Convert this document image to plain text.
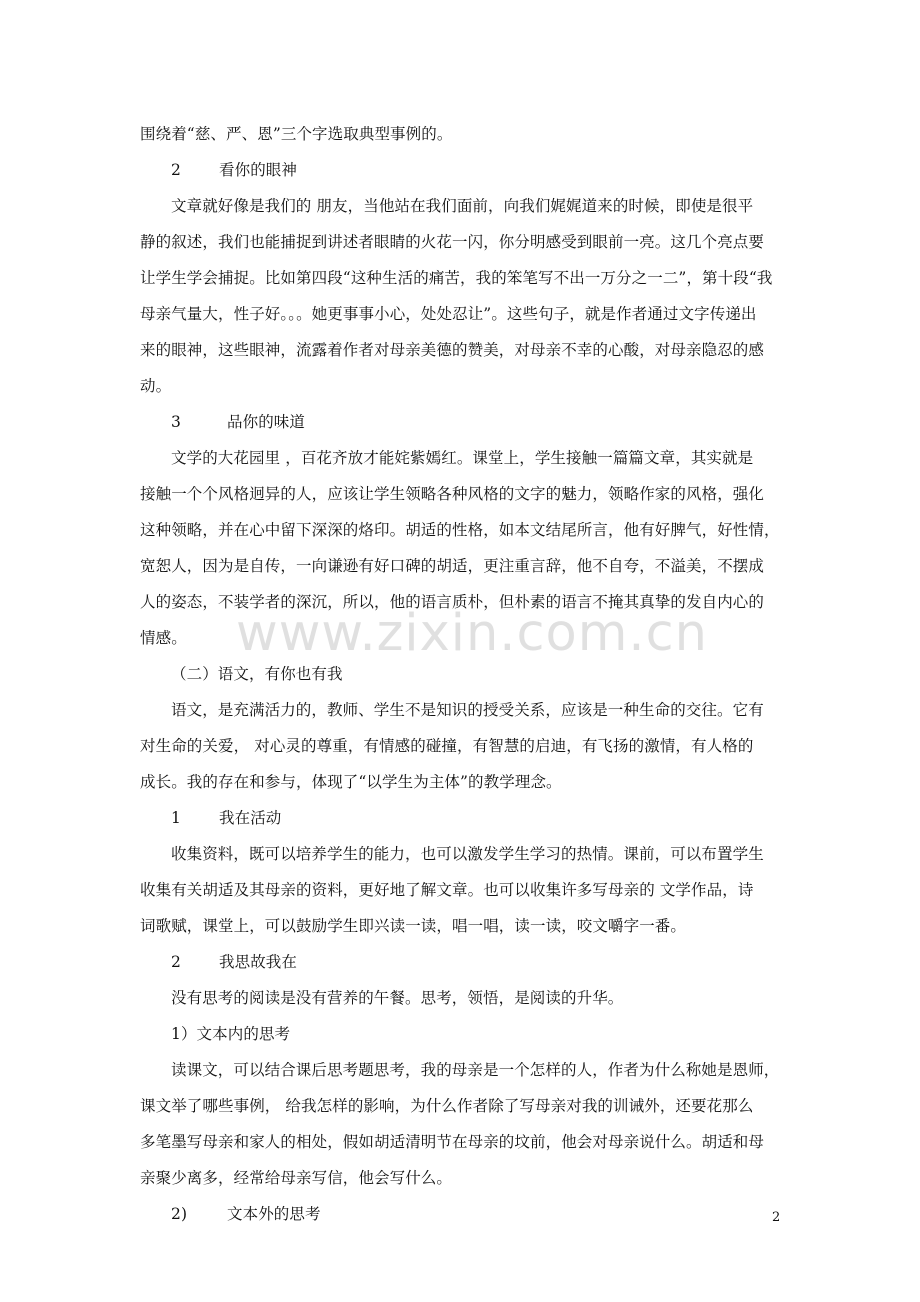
www.zixin.com.cn
围绕着“慈、严、恩”三个字选取典型事例的。
2 看你的眼神
文章就好像是我们的 朋友，当他站在我们面前，向我们娓娓道来的时候，即使是很平
静的叙述，我们也能捕捉到讲述者眼睛的火花一闪，你分明感受到眼前一亮。这几个亮点要
让学生学会捕捉。比如第四段“这种生活的痛苦，我的笨笔写不出一万分之一二”，第十段“我
母亲气量大，性子好。。。她更事事小心，处处忍让”。这些句子，就是作者通过文字传递出
来的眼神，这些眼神，流露着作者对母亲美德的赞美，对母亲不幸的心酸，对母亲隐忍的感
动。
3	品你的味道
文学的大花园里 ，百花齐放才能姹紫嫣红。课堂上，学生接触一篇篇文章，其实就是
接触一个个风格迥异的人，应该让学生领略各种风格的文字的魅力，领略作家的风格，强化
这种领略，并在心中留下深深的烙印。胡适的性格，如本文结尾所言，他有好脾气，好性情，
宽恕人，因为是自传，一向谦逊有好口碑的胡适，更注重言辞，他不自夸，不溢美，不摆成
人的姿态，不装学者的深沉，所以，他的语言质朴，但朴素的语言不掩其真挚的发自内心的
情感。
（二）语文，有你也有我
语文，是充满活力的，教师、学生不是知识的授受关系，应该是一种生命的交往。它有
对生命的关爱， 对心灵的尊重，有情感的碰撞，有智慧的启迪，有飞扬的激情，有人格的
成长。我的存在和参与，体现了“以学生为主体”的教学理念。
1 我在活动
收集资料，既可以培养学生的能力，也可以激发学生学习的热情。课前，可以布置学生
收集有关胡适及其母亲的资料，更好地了解文章。也可以收集许多写母亲的 文学作品，诗
词歌赋，课堂上，可以鼓励学生即兴读一读，唱一唱，读一读，咬文嚼字一番。
2 我思故我在
没有思考的阅读是没有营养的午餐。思考，领悟，是阅读的升华。
1）文本内的思考
读课文，可以结合课后思考题思考，我的母亲是一个怎样的人，作者为什么称她是恩师，
课文举了哪些事例， 给我怎样的影响，为什么作者除了写母亲对我的训诫外，还要花那么
多笔墨写母亲和家人的相处，假如胡适清明节在母亲的坟前，他会对母亲说什么。胡适和母
亲聚少离多，经常给母亲写信，他会写什么。
2)	文本外的思考	2
